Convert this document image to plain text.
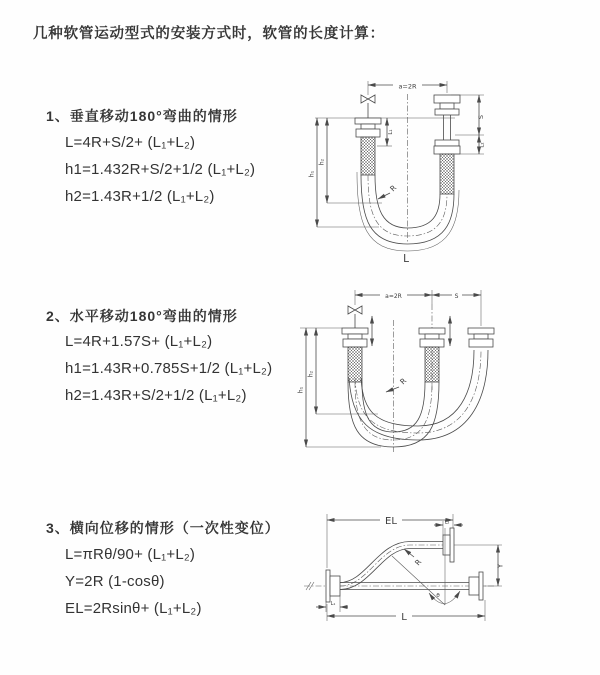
几种软管运动型式的安装方式时，软管的长度计算：
1、垂直移动180°弯曲的情形
L=4R+S/2+ (L₁+L₂)
h1=1.432R+S/2+1/2 (L₁+L₂)
h2=1.43R+1/2 (L₁+L₂)
2、水平移动180°弯曲的情形
L=4R+1.57S+ (L₁+L₂)
h1=1.43R+0.785S+1/2 (L₁+L₂)
h2=1.43R+S/2+1/2 (L₁+L₂)
3、横向位移的情形（一次性变位）
L=πRθ/90+ (L₁+L₂)
Y=2R (1-cosθ)
EL=2Rsinθ+ (L₁+L₂)
a=2R
S
L₂
h₁
h₂
L₁
R
L
a=2R	S
h₁
h₂
R
EL	L₂
Y
θ
R
L₁
L
